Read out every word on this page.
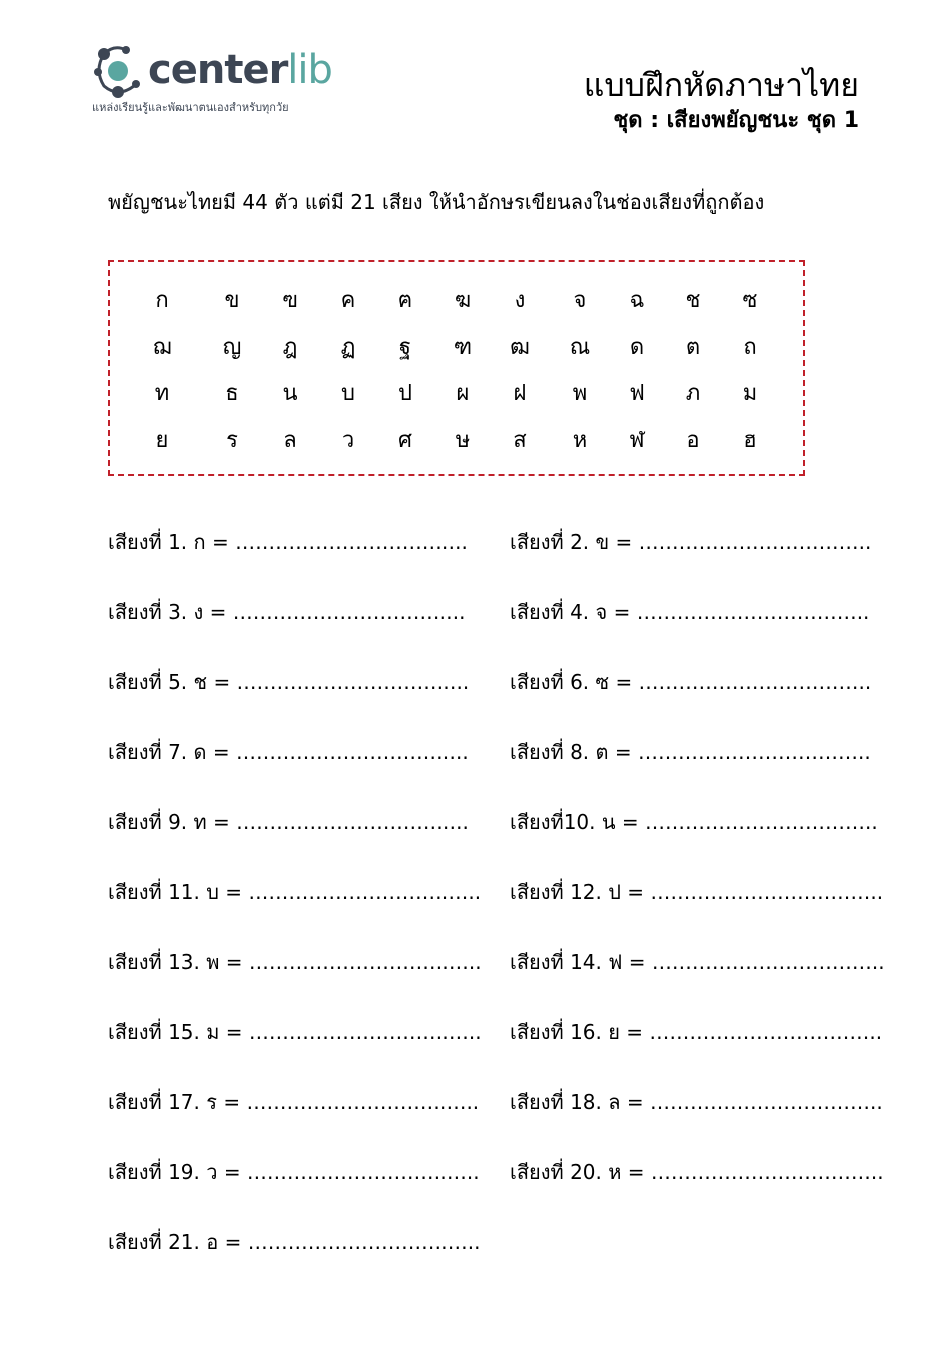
centerlib
แหล่งเรียนรู้และพัฒนาตนเองสำหรับทุกวัย
แบบฝึกหัดภาษาไทย
ชุด : เสียงพยัญชนะ ชุด 1
พยัญชนะไทยมี 44 ตัว แต่มี 21 เสียง ให้นำอักษรเขียนลงในช่องเสียงที่ถูกต้อง
ก	ข	ฃ	ค	ฅ	ฆ	ง	จ	ฉ	ช	ซ
ฌ	ญ	ฎ	ฏ	ฐ	ฑ	ฒ	ณ	ด	ต	ถ
ท	ธ	น	บ	ป	ผ	ฝ	พ	ฟ	ภ	ม
ย	ร	ล	ว	ศ	ษ	ส	ห	ฬ	อ	ฮ
เสียงที่ 1. ก = …………………………….. เสียงที่ 2. ข = ……………………………..
เสียงที่ 3. ง = …………………………….. เสียงที่ 4. จ = ……………………………..
เสียงที่ 5. ช = …………………………….. เสียงที่ 6. ซ = ……………………………..
เสียงที่ 7. ด = …………………………….. เสียงที่ 8. ต = ……………………………..
เสียงที่ 9. ท = …………………………….. เสียงที่10. น = ……………………………..
เสียงที่ 11. บ = …………………………….. เสียงที่ 12. ป = ……………………………..
เสียงที่ 13. พ = …………………………….. เสียงที่ 14. ฟ = ……………………………..
เสียงที่ 15. ม = …………………………….. เสียงที่ 16. ย = ……………………………..
เสียงที่ 17. ร = …………………………….. เสียงที่ 18. ล = ……………………………..
เสียงที่ 19. ว = …………………………….. เสียงที่ 20. ห = ……………………………..
เสียงที่ 21. อ = ……………………………..
